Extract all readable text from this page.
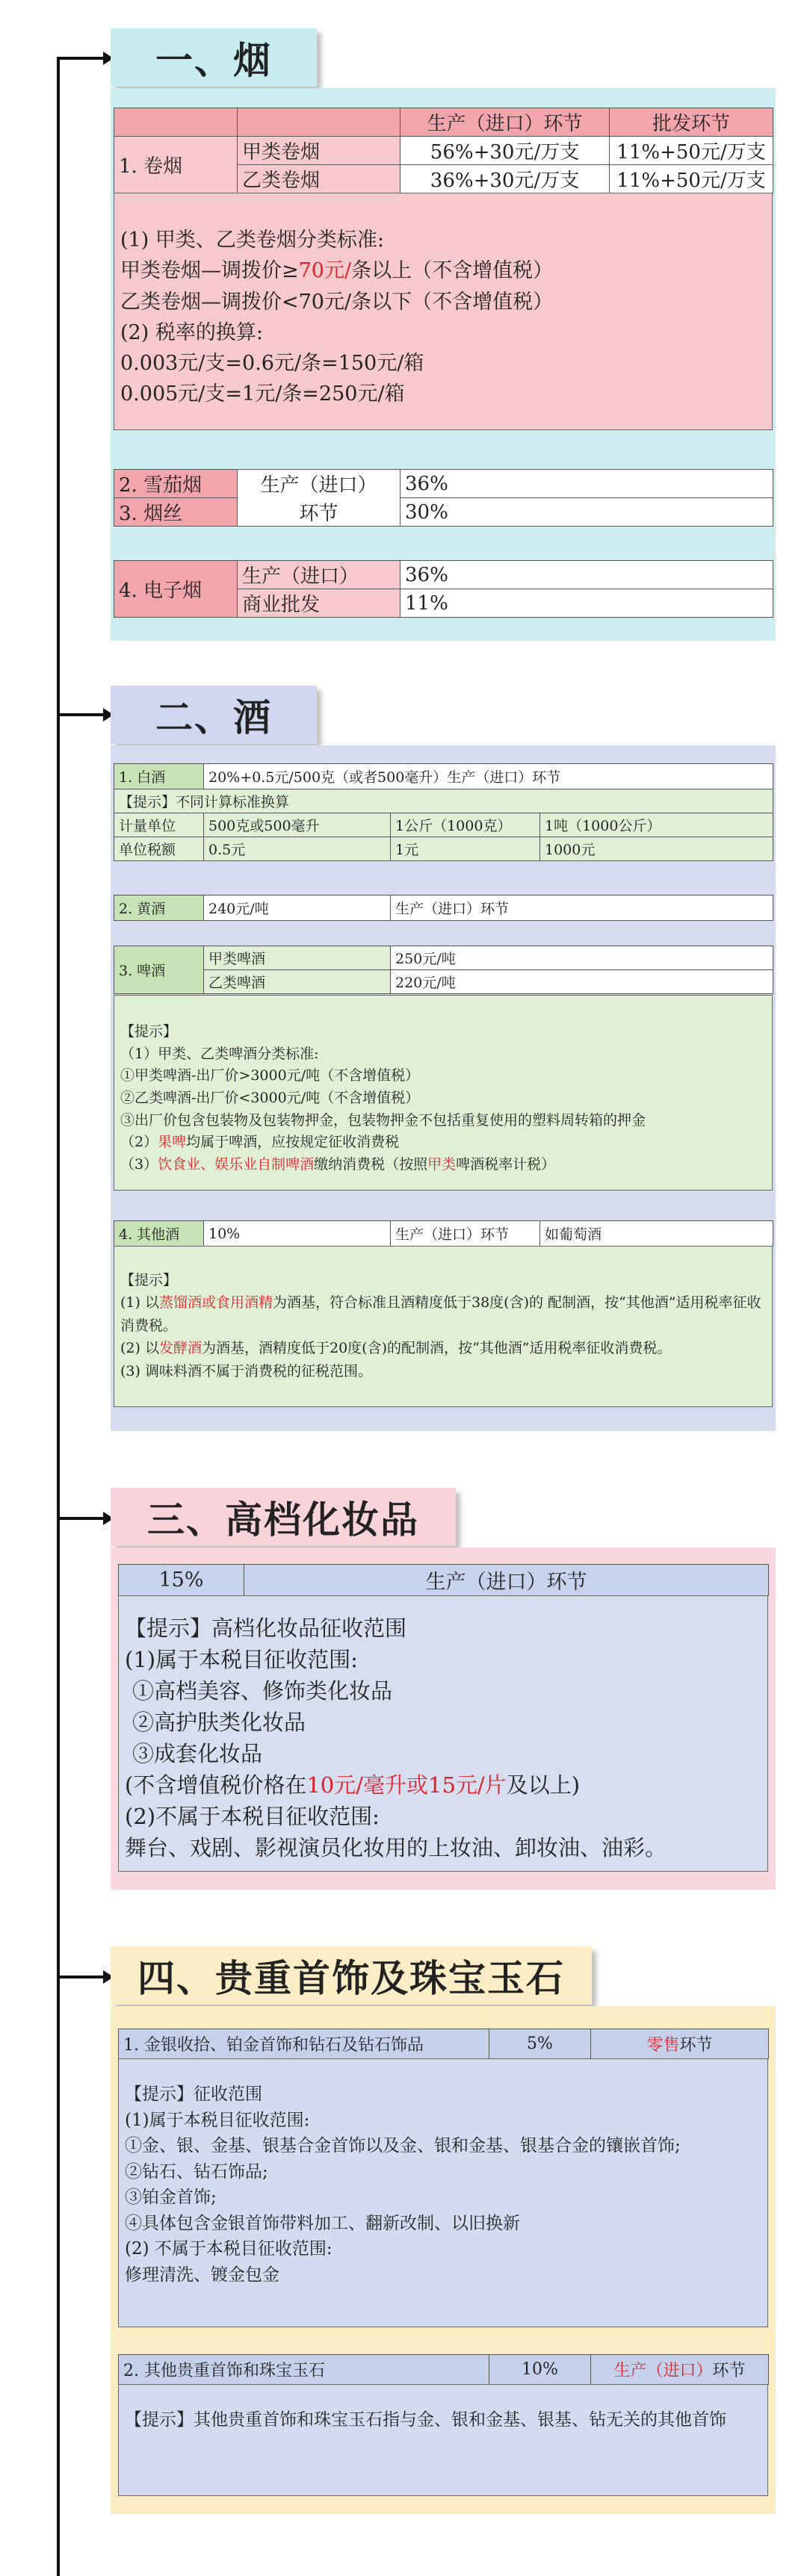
一、烟
		生产（进口）环节	批发环节
1. 卷烟	甲类卷烟	56%+30元/万支	11%+50元/万支
	乙类卷烟	36%+30元/万支	11%+50元/万支
(1) 甲类、乙类卷烟分类标准:
甲类卷烟—调拨价≥70元/条以上（不含增值税）
乙类卷烟—调拨价<70元/条以下（不含增值税）
(2) 税率的换算:
0.003元/支=0.6元/条=150元/箱
0.005元/支=1元/条=250元/箱
2. 雪茄烟	生产（进口）	36%
3. 烟丝	环节	30%
4. 电子烟	生产（进口）	36%
	商业批发	11%
二、酒
1. 白酒	20%+0.5元/500克（或者500毫升）生产（进口）环节		
【提示】不同计算标准换算			
计量单位	500克或500毫升	1公斤（1000克）	1吨（1000公斤）
单位税额	0.5元	1元	1000元
2. 黄酒	240元/吨	生产（进口）环节
3. 啤酒	甲类啤酒	250元/吨
	乙类啤酒	220元/吨
【提示】
（1）甲类、乙类啤酒分类标准:
①甲类啤酒-出厂价>3000元/吨（不含增值税）
②乙类啤酒-出厂价<3000元/吨（不含增值税）
③出厂价包含包装物及包装物押金，包装物押金不包括重复使用的塑料周转箱的押金
（2）果啤均属于啤酒，应按规定征收消费税
（3）饮食业、娱乐业自制啤酒缴纳消费税（按照甲类啤酒税率计税）
4. 其他酒	10%	生产（进口）环节	如葡萄酒
【提示】
(1) 以蒸馏酒或食用酒精为酒基，符合标准且酒精度低于38度(含)的 配制酒，按“其他酒”适用税率征收消费税。
(2) 以发酵酒为酒基，酒精度低于20度(含)的配制酒，按“其他酒”适用税率征收消费税。
(3) 调味料酒不属于消费税的征税范围。
三、高档化妆品
15%	生产（进口）环节
【提示】高档化妆品征收范围
(1)属于本税目征收范围:
①高档美容、修饰类化妆品
②高护肤类化妆品
③成套化妆品
(不含增值税价格在10元/毫升或15元/片及以上)
(2)不属于本税目征收范围:
舞台、戏剧、影视演员化妆用的上妆油、卸妆油、油彩。
四、贵重首饰及珠宝玉石
1. 金银收拾、铂金首饰和钻石及钻石饰品	5%	零售环节
【提示】征收范围
(1)属于本税目征收范围:
①金、银、金基、银基合金首饰以及金、银和金基、银基合金的镶嵌首饰;
②钻石、钻石饰品;
③铂金首饰;
④具体包含金银首饰带料加工、翻新改制、以旧换新
(2) 不属于本税目征收范围:
修理清洗、镀金包金
2. 其他贵重首饰和珠宝玉石	10%	生产（进口）环节
【提示】其他贵重首饰和珠宝玉石指与金、银和金基、银基、钻无关的其他首饰
